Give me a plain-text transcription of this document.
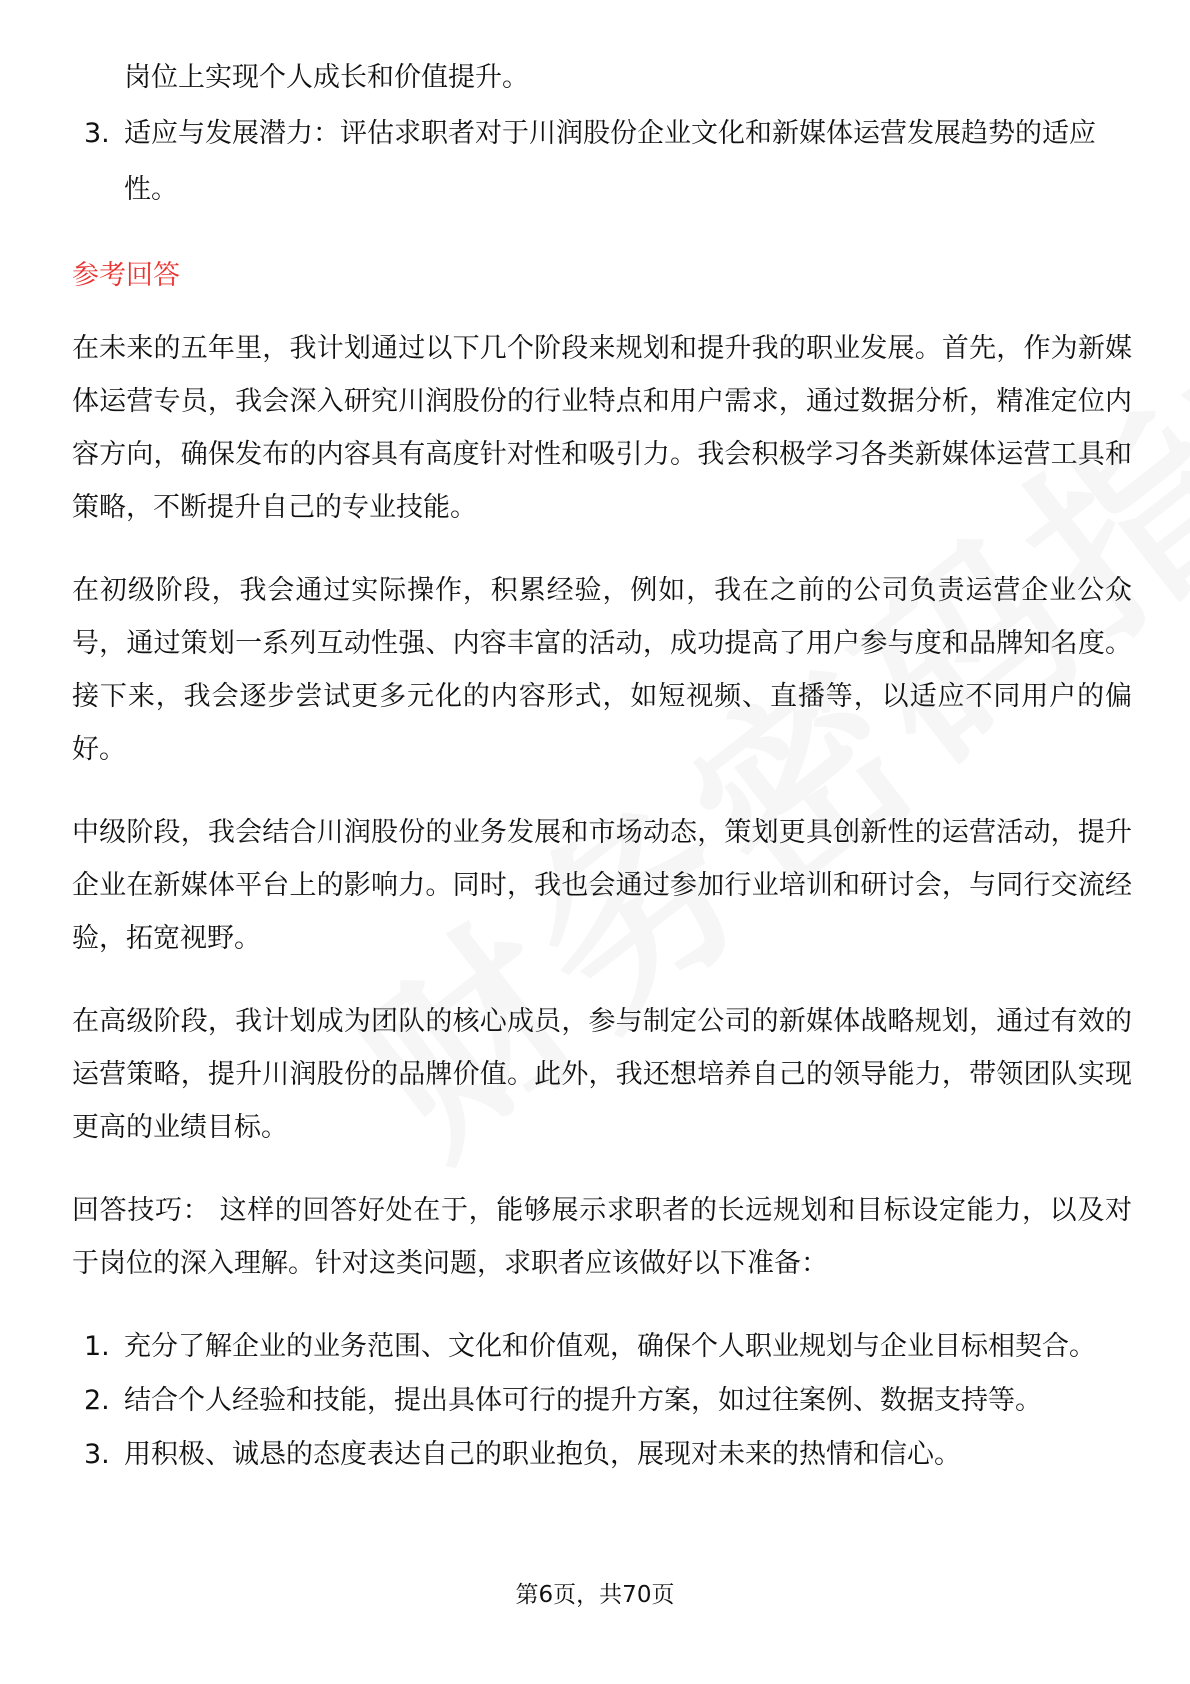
岗位上实现个人成长和价值提升。
3. 适应与发展潜力：评估求职者对于川润股份企业文化和新媒体运营发展趋势的适应性。
参考回答

在未来的五年里，我计划通过以下几个阶段来规划和提升我的职业发展。首先，作为新媒体运营专员，我会深入研究川润股份的行业特点和用户需求，通过数据分析，精准定位内容方向，确保发布的内容具有高度针对性和吸引力。我会积极学习各类新媒体运营工具和策略，不断提升自己的专业技能。

在初级阶段，我会通过实际操作，积累经验，例如，我在之前的公司负责运营企业公众号，通过策划一系列互动性强、内容丰富的活动，成功提高了用户参与度和品牌知名度。接下来，我会逐步尝试更多元化的内容形式，如短视频、直播等，以适应不同用户的偏好。

中级阶段，我会结合川润股份的业务发展和市场动态，策划更具创新性的运营活动，提升企业在新媒体平台上的影响力。同时，我也会通过参加行业培训和研讨会，与同行交流经验，拓宽视野。

在高级阶段，我计划成为团队的核心成员，参与制定公司的新媒体战略规划，通过有效的运营策略，提升川润股份的品牌价值。此外，我还想培养自己的领导能力，带领团队实现更高的业绩目标。

回答技巧： 这样的回答好处在于，能够展示求职者的长远规划和目标设定能力，以及对于岗位的深入理解。针对这类问题，求职者应该做好以下准备：

1. 充分了解企业的业务范围、文化和价值观，确保个人职业规划与企业目标相契合。
2. 结合个人经验和技能，提出具体可行的提升方案，如过往案例、数据支持等。
3. 用积极、诚恳的态度表达自己的职业抱负，展现对未来的热情和信心。
第6页，共70页
